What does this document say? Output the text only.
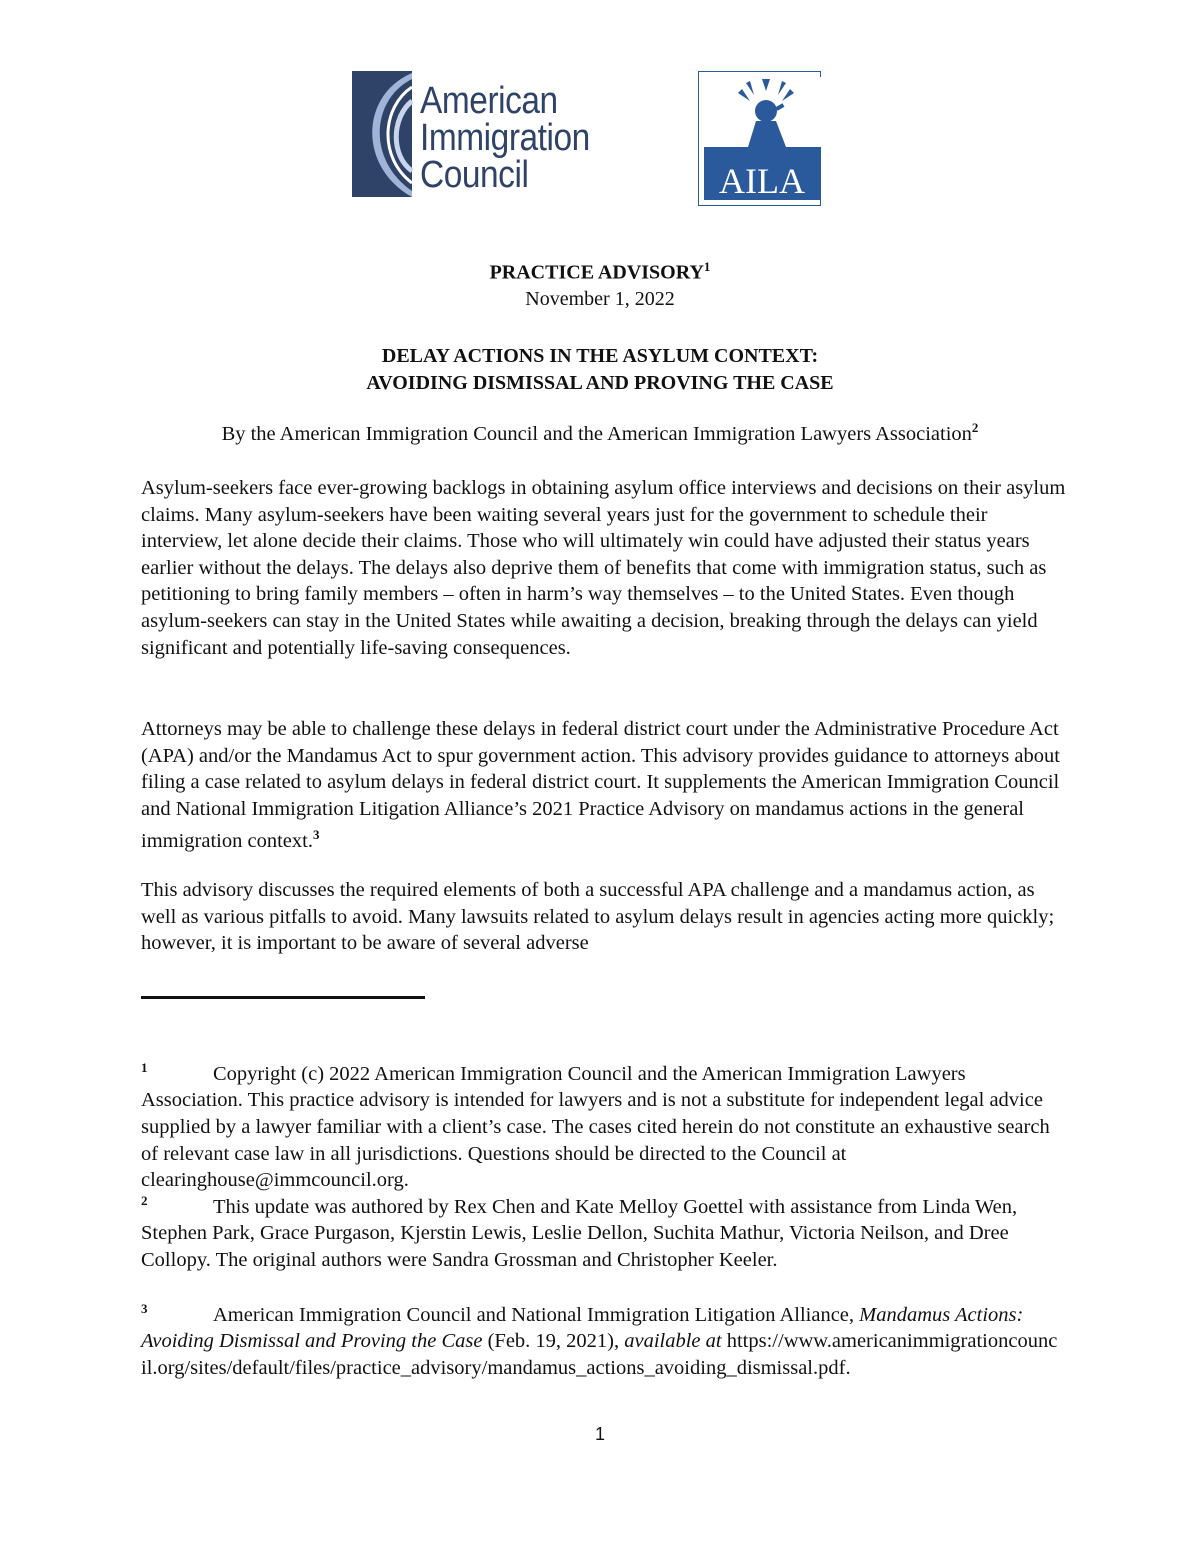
American
Immigration
Council	AILA
PRACTICE ADVISORY$^1$
November 1, 2022
DELAY ACTIONS IN THE ASYLUM CONTEXT:
AVOIDING DISMISSAL AND PROVING THE CASE
By the American Immigration Council and the American Immigration Lawyers Association$^2$
Asylum-seekers face ever-growing backlogs in obtaining asylum office interviews and decisions on their asylum claims. Many asylum-seekers have been waiting several years just for the government to schedule their interview, let alone decide their claims. Those who will ultimately win could have adjusted their status years earlier without the delays. The delays also deprive them of benefits that come with immigration status, such as petitioning to bring family members – often in harm’s way themselves – to the United States. Even though asylum-seekers can stay in the United States while awaiting a decision, breaking through the delays can yield significant and potentially life-saving consequences.
Attorneys may be able to challenge these delays in federal district court under the Administrative Procedure Act (APA) and/or the Mandamus Act to spur government action. This advisory provides guidance to attorneys about filing a case related to asylum delays in federal district court. It supplements the American Immigration Council and National Immigration Litigation Alliance’s 2021 Practice Advisory on mandamus actions in the general immigration context.$^3$
This advisory discusses the required elements of both a successful APA challenge and a mandamus action, as well as various pitfalls to avoid. Many lawsuits related to asylum delays result in agencies acting more quickly; however, it is important to be aware of several adverse
1	Copyright (c) 2022 American Immigration Council and the American Immigration Lawyers Association. This practice advisory is intended for lawyers and is not a substitute for independent legal advice supplied by a lawyer familiar with a client’s case. The cases cited herein do not constitute an exhaustive search of relevant case law in all jurisdictions. Questions should be directed to the Council at clearinghouse@immcouncil.org.
2	This update was authored by Rex Chen and Kate Melloy Goettel with assistance from Linda Wen, Stephen Park, Grace Purgason, Kjerstin Lewis, Leslie Dellon, Suchita Mathur, Victoria Neilson, and Dree Collopy. The original authors were Sandra Grossman and Christopher Keeler.
3	American Immigration Council and National Immigration Litigation Alliance, Mandamus Actions: Avoiding Dismissal and Proving the Case (Feb. 19, 2021), available at https://www.americanimmigrationcouncil.org/sites/default/files/practice_advisory/mandamus_actions_avoiding_dismissal.pdf.
1
